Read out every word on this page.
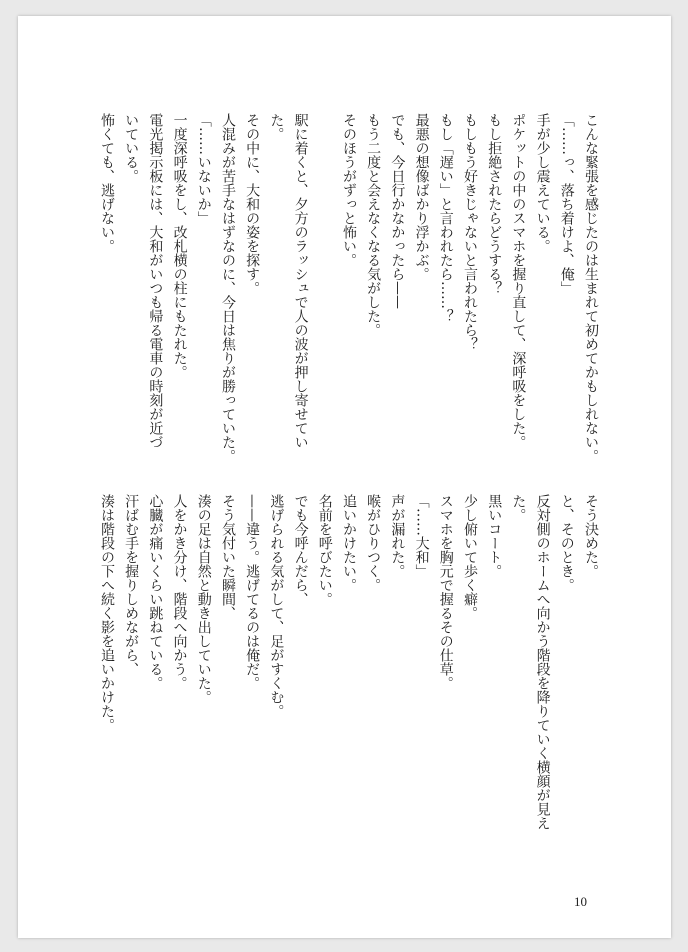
こんな緊張を感じたのは生まれて初めてかもしれない。
「……っ、落ち着けよ、俺」
手が少し震えている。
ポケットの中のスマホを握り直して、深呼吸をした。
もし拒絶されたらどうする？
もしもう好きじゃないと言われたら？
もし「遅い」と言われたら……？
最悪の想像ばかり浮かぶ。
でも、今日行かなかったら——
もう二度と会えなくなる気がした。
そのほうがずっと怖い。
駅に着くと、夕方のラッシュで人の波が押し寄せてい
た。
その中に、大和の姿を探す。
人混みが苦手なはずなのに、今日は焦りが勝っていた。
「……いないか」
一度深呼吸をし、改札横の柱にもたれた。
電光掲示板には、大和がいつも帰る電車の時刻が近づ
いている。
怖くても、逃げない。
そう決めた。
と、そのとき。
反対側のホームへ向かう階段を降りていく横顔が見え
た。
黒いコート。
少し俯いて歩く癖。
スマホを胸元で握るその仕草。
「……大和」
声が漏れた。
喉がひりつく。
追いかけたい。
名前を呼びたい。
でも今呼んだら、
逃げられる気がして、足がすくむ。
——違う。逃げてるのは俺だ。
そう気付いた瞬間、
湊の足は自然と動き出していた。
人をかき分け、階段へ向かう。
心臓が痛いくらい跳ねている。
汗ばむ手を握りしめながら、
湊は階段の下へ続く影を追いかけた。
10
